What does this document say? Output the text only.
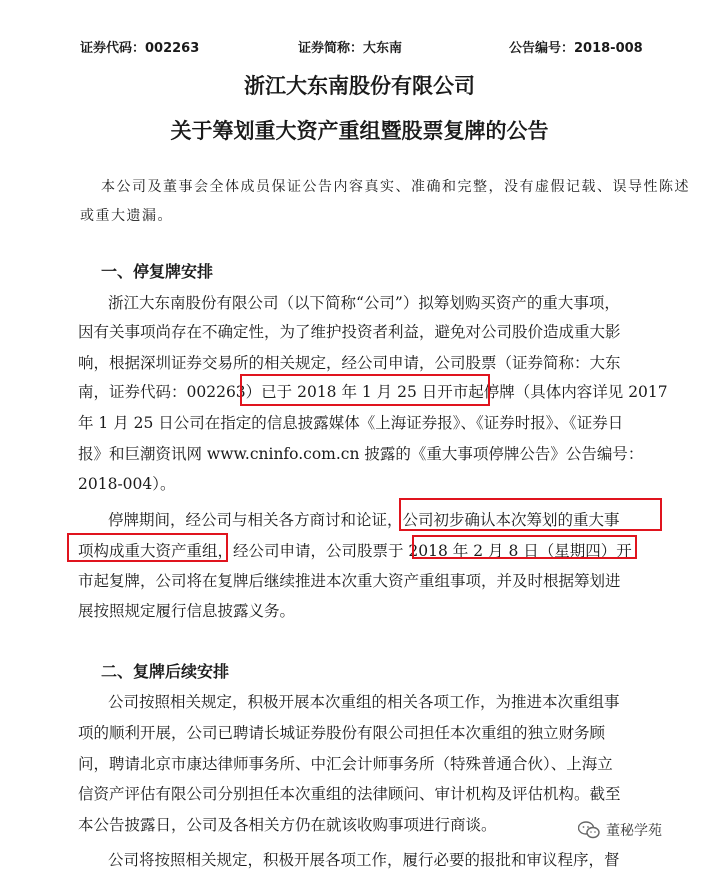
证券代码：002263	证券简称：大东南	公告编号：2018-008
浙江大东南股份有限公司
关于筹划重大资产重组暨股票复牌的公告
本公司及董事会全体成员保证公告内容真实、准确和完整，没有虚假记载、误导性陈述
或重大遗漏。
一、停复牌安排
浙江大东南股份有限公司（以下简称“公司”）拟筹划购买资产的重大事项，
因有关事项尚存在不确定性，为了维护投资者利益，避免对公司股价造成重大影
响，根据深圳证券交易所的相关规定，经公司申请，公司股票（证券简称：大东
南，证券代码：002263）已于 2018 年 1 月 25 日开市起停牌（具体内容详见 2017
年 1 月 25 日公司在指定的信息披露媒体《上海证券报》、《证券时报》、《证券日
报》和巨潮资讯网 www.cninfo.com.cn 披露的《重大事项停牌公告》公告编号：
2018-004）。
停牌期间，经公司与相关各方商讨和论证，公司初步确认本次筹划的重大事
项构成重大资产重组，经公司申请，公司股票于 2018 年 2 月 8 日（星期四）开
市起复牌，公司将在复牌后继续推进本次重大资产重组事项，并及时根据筹划进
展按照规定履行信息披露义务。
二、复牌后续安排
公司按照相关规定，积极开展本次重组的相关各项工作，为推进本次重组事
项的顺利开展，公司已聘请长城证券股份有限公司担任本次重组的独立财务顾
问，聘请北京市康达律师事务所、中汇会计师事务所（特殊普通合伙）、上海立
信资产评估有限公司分别担任本次重组的法律顾问、审计机构及评估机构。截至
本公告披露日，公司及各相关方仍在就该收购事项进行商谈。
公司将按照相关规定，积极开展各项工作，履行必要的报批和审议程序，督
董秘学苑
